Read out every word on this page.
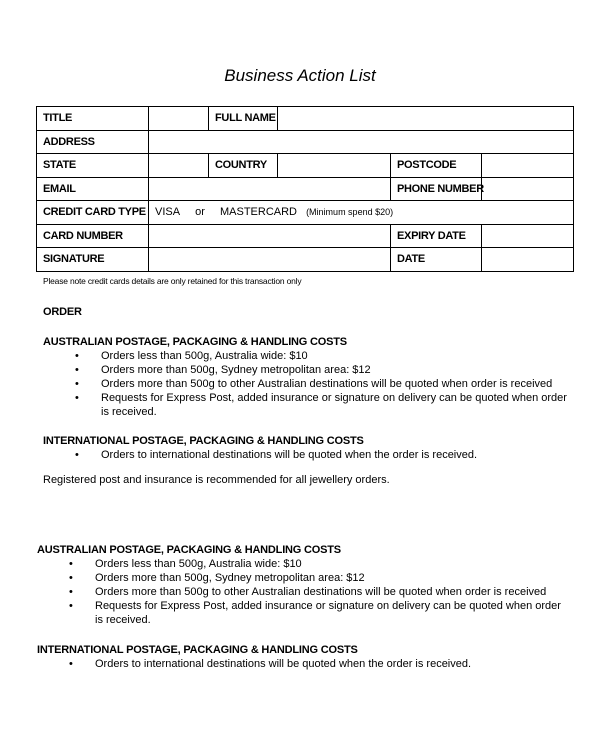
Business Action List
TITLE		FULL NAME			
ADDRESS					
STATE		COUNTRY		POSTCODE	
EMAIL				PHONE NUMBER	
CREDIT CARD TYPE	VISA or MASTERCARD (Minimum spend $20)				
CARD NUMBER				EXPIRY DATE	
SIGNATURE				DATE	
Please note credit cards details are only retained for this transaction only
ORDER
AUSTRALIAN POSTAGE, PACKAGING & HANDLING COSTS
• Orders less than 500g, Australia wide: $10
• Orders more than 500g, Sydney metropolitan area: $12
• Orders more than 500g to other Australian destinations will be quoted when order is received
• Requests for Express Post, added insurance or signature on delivery can be quoted when order is received.
INTERNATIONAL POSTAGE, PACKAGING & HANDLING COSTS
• Orders to international destinations will be quoted when the order is received.
Registered post and insurance is recommended for all jewellery orders.
AUSTRALIAN POSTAGE, PACKAGING & HANDLING COSTS
• Orders less than 500g, Australia wide: $10
• Orders more than 500g, Sydney metropolitan area: $12
• Orders more than 500g to other Australian destinations will be quoted when order is received
• Requests for Express Post, added insurance or signature on delivery can be quoted when order is received.
INTERNATIONAL POSTAGE, PACKAGING & HANDLING COSTS
• Orders to international destinations will be quoted when the order is received.
